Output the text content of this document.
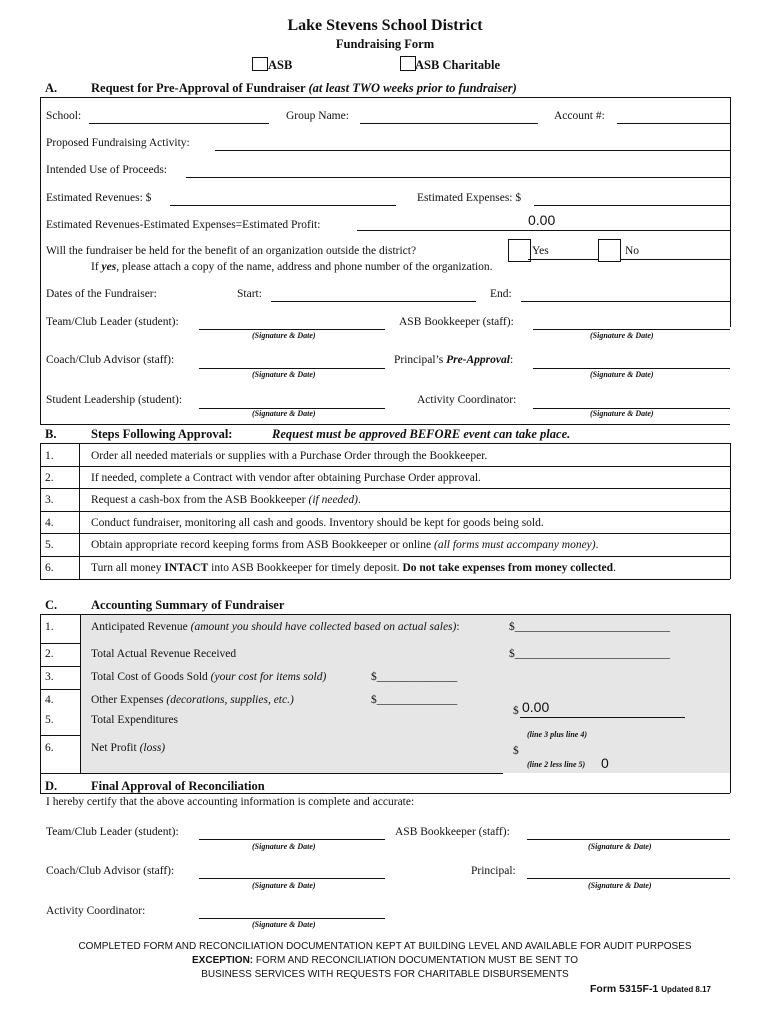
Lake Stevens School District
Fundraising Form
ASB	ASB Charitable
A.	Request for Pre-Approval of Fundraiser (at least TWO weeks prior to fundraiser)
School:	Group Name:	Account #:
Proposed Fundraising Activity:
Intended Use of Proceeds:
Estimated Revenues: $	Estimated Expenses: $
Estimated Revenues-Estimated Expenses=Estimated Profit:	0.00
Will the fundraiser be held for the benefit of an organization outside the district?	Yes	No
If yes, please attach a copy of the name, address and phone number of the organization.
Dates of the Fundraiser:	Start:	End:
Team/Club Leader (student):
(Signature & Date)
ASB Bookkeeper (staff):
(Signature & Date)
Coach/Club Advisor (staff):
(Signature & Date)
Principal’s Pre-Approval:
(Signature & Date)
Student Leadership (student):
(Signature & Date)
Activity Coordinator:
(Signature & Date)
B.	Steps Following Approval:	Request must be approved BEFORE event can take place.
1.	Order all needed materials or supplies with a Purchase Order through the Bookkeeper.
2.	If needed, complete a Contract with vendor after obtaining Purchase Order approval.
3.	Request a cash-box from the ASB Bookkeeper (if needed).
4.	Conduct fundraiser, monitoring all cash and goods. Inventory should be kept for goods being sold.
5.	Obtain appropriate record keeping forms from ASB Bookkeeper or online (all forms must accompany money).
6.	Turn all money INTACT into ASB Bookkeeper for timely deposit. Do not take expenses from money collected.
C.	Accounting Summary of Fundraiser
1.	Anticipated Revenue (amount you should have collected based on actual sales):	$___________________________
2.	Total Actual Revenue Received	$___________________________
3.	Total Cost of Goods Sold (your cost for items sold)	$______________
4.	Other Expenses (decorations, supplies, etc.)	$______________
5.	Total Expenditures
$ 0.00
(line 3 plus line 4)
6.	Net Profit (loss)	$
(line 2 less line 5) 0
D.	Final Approval of Reconciliation
I hereby certify that the above accounting information is complete and accurate:
Team/Club Leader (student):
(Signature & Date)
ASB Bookkeeper (staff):
(Signature & Date)
Coach/Club Advisor (staff):
(Signature & Date)
Principal:
(Signature & Date)
Activity Coordinator:
(Signature & Date)
COMPLETED FORM AND RECONCILIATION DOCUMENTATION KEPT AT BUILDING LEVEL AND AVAILABLE FOR AUDIT PURPOSES
EXCEPTION: FORM AND RECONCILIATION DOCUMENTATION MUST BE SENT TO
BUSINESS SERVICES WITH REQUESTS FOR CHARITABLE DISBURSEMENTS
Form 5315F-1 Updated 8.17
